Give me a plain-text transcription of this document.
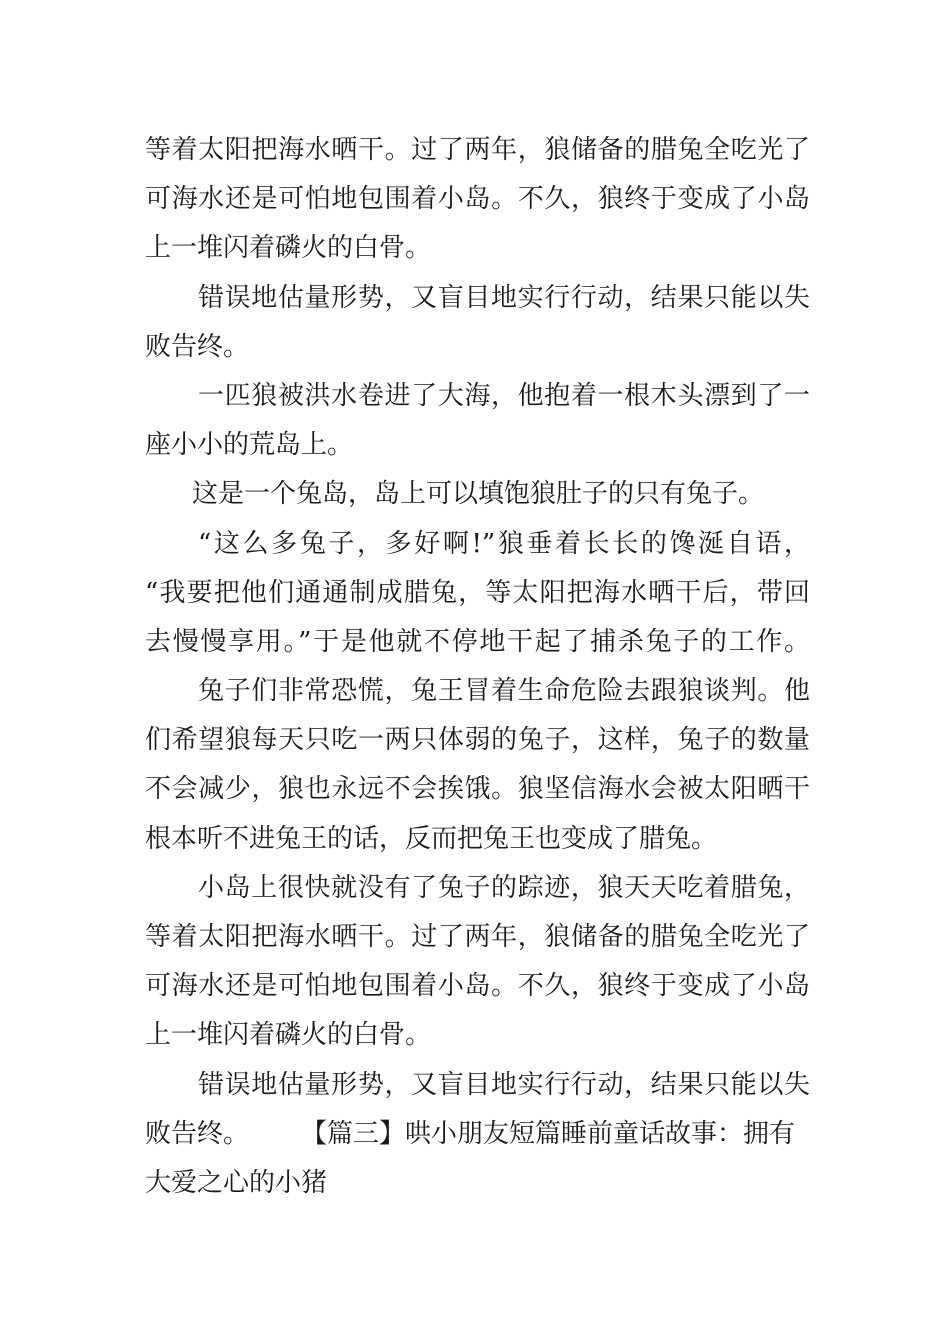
等着太阳把海水晒干。过了两年，狼储备的腊兔全吃光了
可海水还是可怕地包围着小岛。不久，狼终于变成了小岛
上一堆闪着磷火的白骨。
错误地估量形势，又盲目地实行行动，结果只能以失
败告终。
一匹狼被洪水卷进了大海，他抱着一根木头漂到了一
座小小的荒岛上。
这是一个兔岛，岛上可以填饱狼肚子的只有兔子。
“这么多兔子，多好啊!”狼垂着长长的馋涎自语，
“我要把他们通通制成腊兔，等太阳把海水晒干后，带回
去慢慢享用。”于是他就不停地干起了捕杀兔子的工作。
兔子们非常恐慌，兔王冒着生命危险去跟狼谈判。他
们希望狼每天只吃一两只体弱的兔子，这样，兔子的数量
不会减少，狼也永远不会挨饿。狼坚信海水会被太阳晒干
根本听不进兔王的话，反而把兔王也变成了腊兔。
小岛上很快就没有了兔子的踪迹，狼天天吃着腊兔，
等着太阳把海水晒干。过了两年，狼储备的腊兔全吃光了
可海水还是可怕地包围着小岛。不久，狼终于变成了小岛
上一堆闪着磷火的白骨。
错误地估量形势，又盲目地实行行动，结果只能以失
败告终。 【篇三】哄小朋友短篇睡前童话故事：拥有
大爱之心的小猪
